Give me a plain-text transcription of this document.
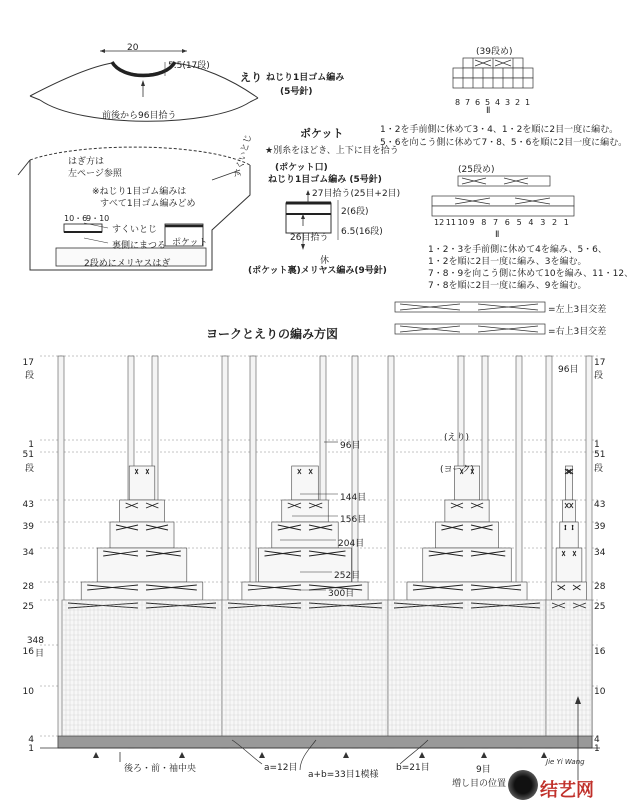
20
5.5(17段)
前後から96目拾う
はぎ方は
左ページ参照	すくいとじ
※ねじり1目ゴム編みは
すべて1目ゴム編みどめ
10・6
9・10
すくいとじ
裏側にまつる ポケット
2段めにメリヤスはぎ
えり ねじり1目ゴム編み
(5号針)
ポケット
★別糸をほどき、上下に目を拾う
(ポケット口)
ねじり1目ゴム編み (5号針)
27目拾う(25目+2目)
2(6段)
6.5(16段)
26目拾う
休
(ポケット裏)メリヤス編み(9号針)
(39段め)
8 7 6 5 4 3 2 1
Ⅱ
1・2を手前側に休めて3・4、1・2を順に2目一度に編む。
5・6を向こう側に休めて7・8、5・6を順に2目一度に編む。
(25段め)
12 11 10 9 8 7 6 5 4 3 2 1
Ⅱ
1・2・3を手前側に休めて4を編み、5・6、
1・2を順に2目一度に編み、3を編む。
7・8・9を向こう側に休めて10を編み、11・12、
7・8を順に2目一度に編み、9を編む。
=左上3目交差
=右上3目交差
ヨークとえりの編み方図
17
段
1
51
段
43
39
34
28
25
348目
16
10
4
1
17
段
1
51
段
43
39
34
28
25
16
10
4
1
96目
144目
156目
204目
252目
300目
96目
(えり)
(ヨーク)
後ろ・前・袖中央	a=12目
a+b=33目1模様
b=21目
増し目の位置
9目
结艺网
Jie Yi Wang
